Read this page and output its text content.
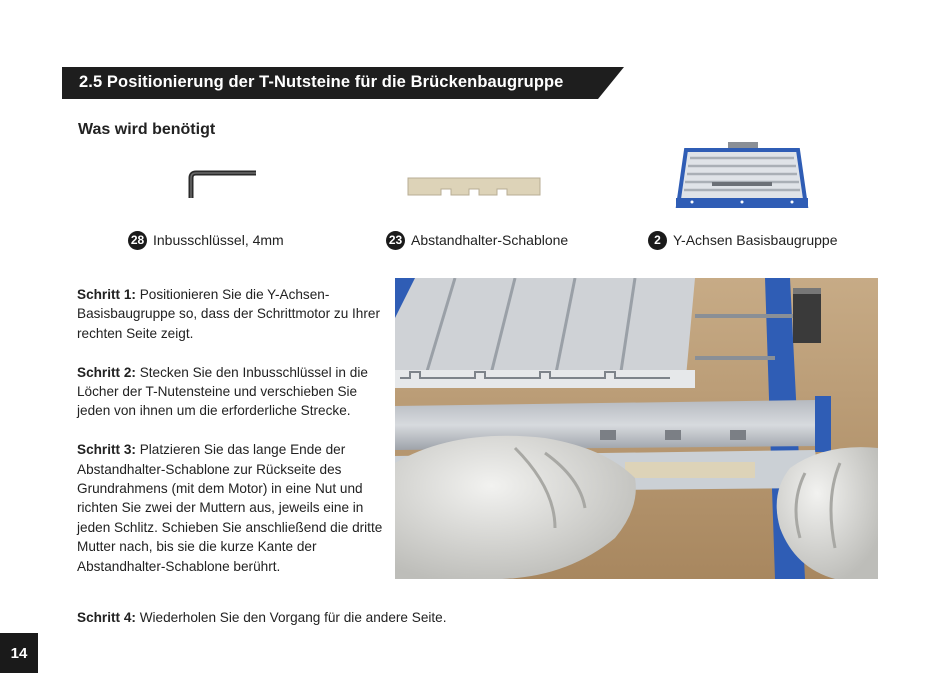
2.5 Positionierung der T-Nutsteine für die Brückenbaugruppe
Was wird benötigt
28 Inbusschlüssel, 4mm	23 Abstandhalter-Schablone	2 Y-Achsen Basisbaugruppe

Schritt 1: Positionieren Sie die Y-Achsen-Basisbaugruppe so, dass der Schrittmotor zu Ihrer rechten Seite zeigt.

Schritt 2: Stecken Sie den Inbusschlüssel in die Löcher der T-Nutensteine und verschieben Sie jeden von ihnen um die erforderliche Strecke.

Schritt 3: Platzieren Sie das lange Ende der Abstandhalter-Schablone zur Rückseite des Grundrahmens (mit dem Motor) in eine Nut und richten Sie zwei der Muttern aus, jeweils eine in jeden Schlitz. Schieben Sie anschließend die dritte Mutter nach, bis sie die kurze Kante der Abstandhalter-Schablone berührt.

Schritt 4: Wiederholen Sie den Vorgang für die andere Seite.

14
